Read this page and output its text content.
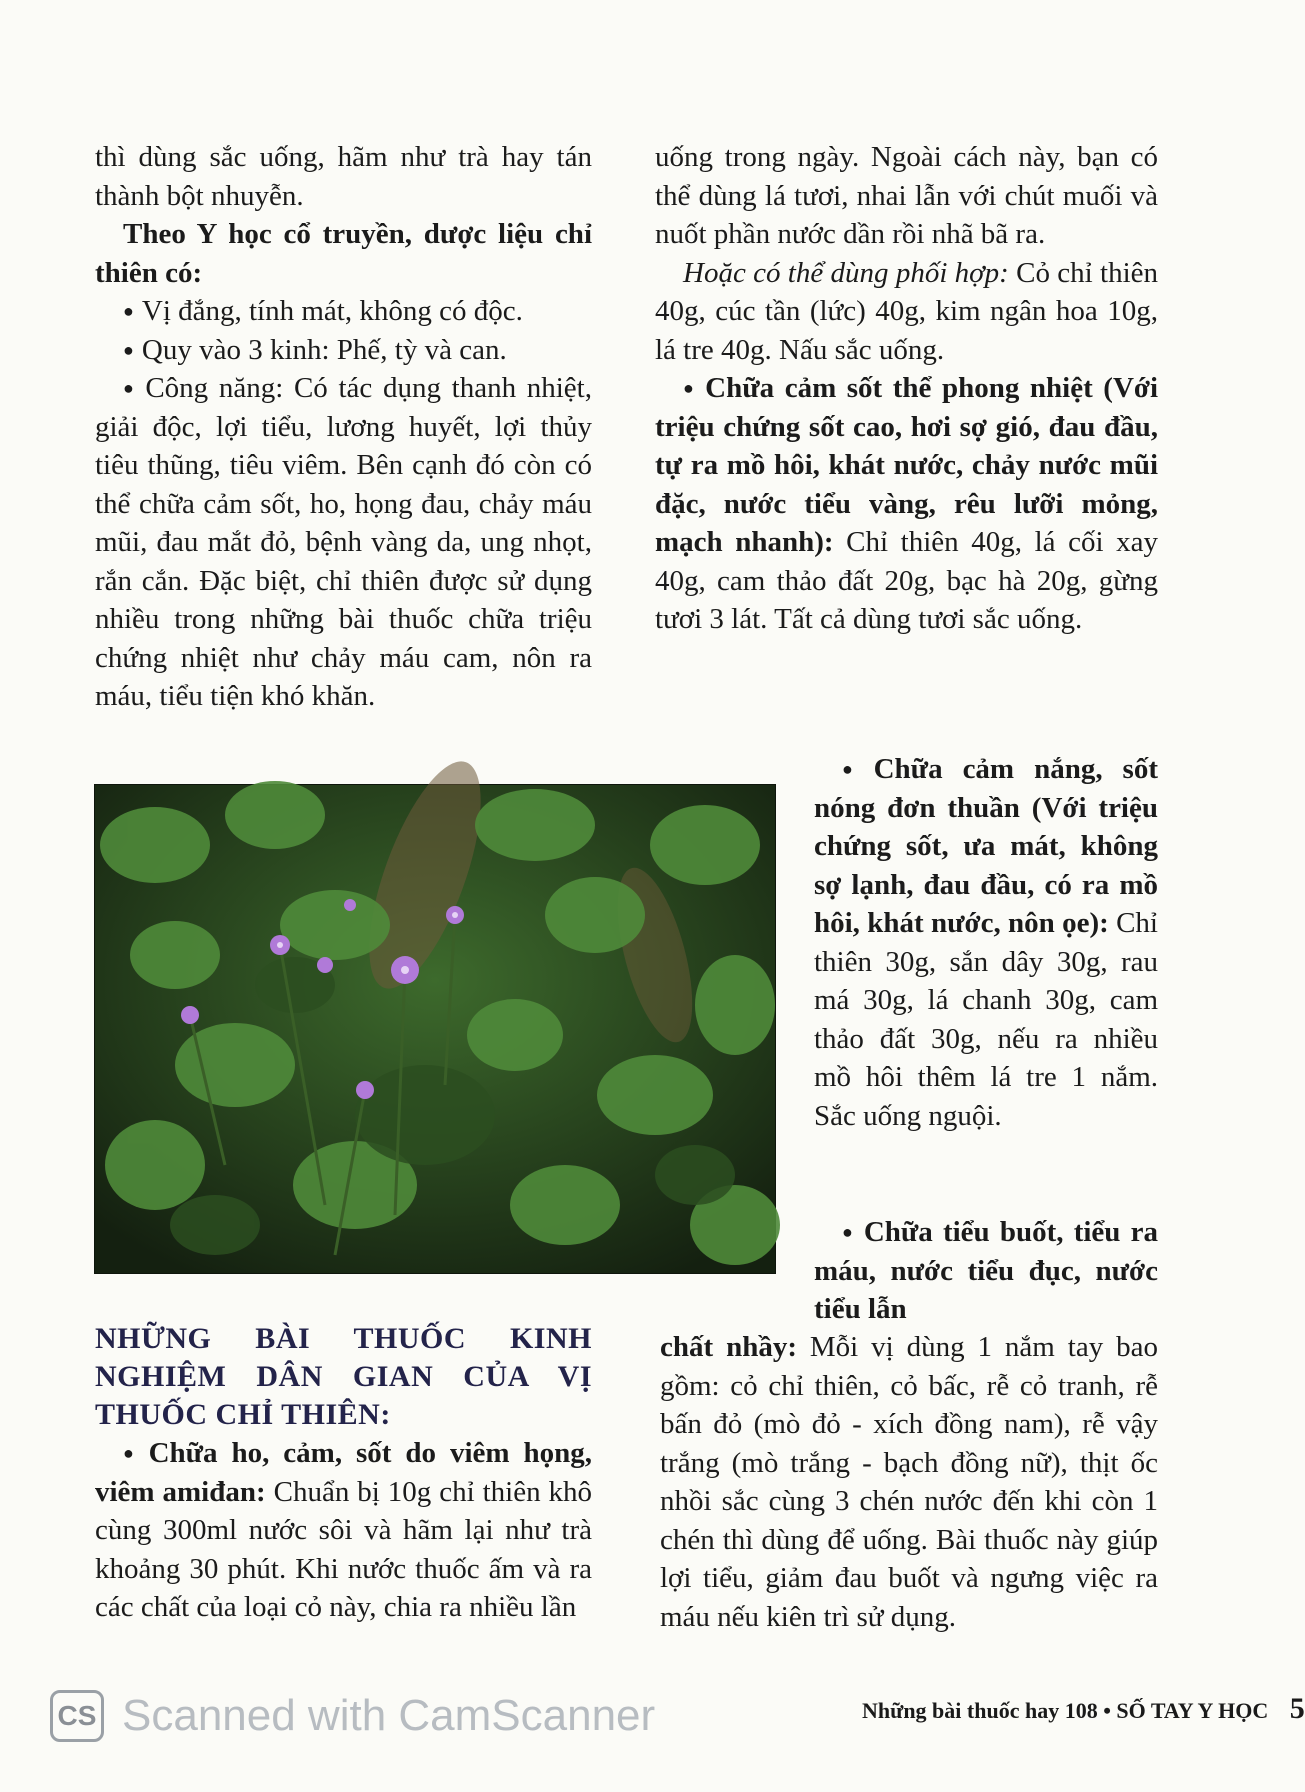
thì dùng sắc uống, hãm như trà hay tán thành bột nhuyễn.

Theo Y học cổ truyền, dược liệu chỉ thiên có:

● Vị đắng, tính mát, không có độc.

● Quy vào 3 kinh: Phế, tỳ và can.

● Công năng: Có tác dụng thanh nhiệt, giải độc, lợi tiểu, lương huyết, lợi thủy tiêu thũng, tiêu viêm. Bên cạnh đó còn có thể chữa cảm sốt, ho, họng đau, chảy máu mũi, đau mắt đỏ, bệnh vàng da, ung nhọt, rắn cắn. Đặc biệt, chỉ thiên được sử dụng nhiều trong những bài thuốc chữa triệu chứng nhiệt như chảy máu cam, nôn ra máu, tiểu tiện khó khăn.

uống trong ngày. Ngoài cách này, bạn có thể dùng lá tươi, nhai lẫn với chút muối và nuốt phần nước dần rồi nhã bã ra.

Hoặc có thể dùng phối hợp: Cỏ chỉ thiên 40g, cúc tần (lức) 40g, kim ngân hoa 10g, lá tre 40g. Nấu sắc uống.

● Chữa cảm sốt thể phong nhiệt (Với triệu chứng sốt cao, hơi sợ gió, đau đầu, tự ra mồ hôi, khát nước, chảy nước mũi đặc, nước tiểu vàng, rêu lưỡi mỏng, mạch nhanh): Chỉ thiên 40g, lá cối xay 40g, cam thảo đất 20g, bạc hà 20g, gừng tươi 3 lát. Tất cả dùng tươi sắc uống.

● Chữa cảm nắng, sốt nóng đơn thuần (Với triệu chứng sốt, ưa mát, không sợ lạnh, đau đầu, có ra mồ hôi, khát nước, nôn ọe): Chỉ thiên 30g, sắn dây 30g, rau má 30g, lá chanh 30g, cam thảo đất 30g, nếu ra nhiều mồ hôi thêm lá tre 1 nắm. Sắc uống nguội.

● Chữa tiểu buốt, tiểu ra máu, nước tiểu đục, nước tiểu lẫn

chất nhầy: Mỗi vị dùng 1 nắm tay bao gồm: cỏ chỉ thiên, cỏ bấc, rễ cỏ tranh, rễ bấn đỏ (mò đỏ - xích đồng nam), rễ vậy trắng (mò trắng - bạch đồng nữ), thịt ốc nhồi sắc cùng 3 chén nước đến khi còn 1 chén thì dùng để uống. Bài thuốc này giúp lợi tiểu, giảm đau buốt và ngưng việc ra máu nếu kiên trì sử dụng.

NHỮNG BÀI THUỐC KINH NGHIỆM DÂN GIAN CỦA VỊ THUỐC CHỈ THIÊN:

● Chữa ho, cảm, sốt do viêm họng, viêm amiđan: Chuẩn bị 10g chỉ thiên khô cùng 300ml nước sôi và hãm lại như trà khoảng 30 phút. Khi nước thuốc ấm và ra các chất của loại cỏ này, chia ra nhiều lần

Những bài thuốc hay 108 • SỐ TAY Y HỌC 5
CS Scanned with CamScanner
